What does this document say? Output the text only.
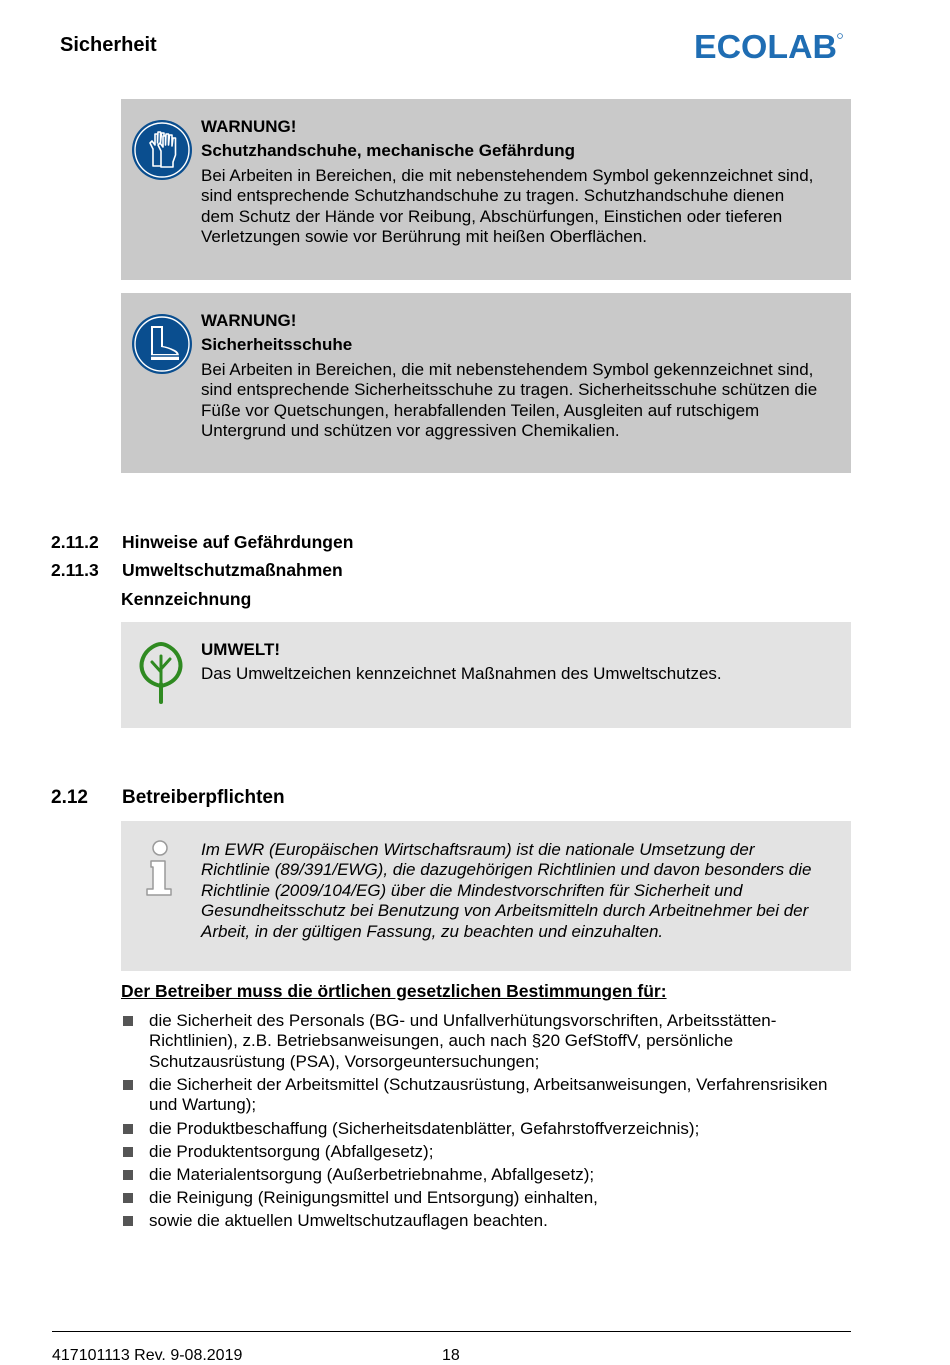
Sicherheit	ECOLAB
WARNUNG!
Schutzhandschuhe, mechanische Gefährdung
Bei Arbeiten in Bereichen, die mit nebenstehendem Symbol gekennzeichnet sind, sind entsprechende Schutzhandschuhe zu tragen. Schutzhandschuhe dienen dem Schutz der Hände vor Reibung, Abschürfungen, Einstichen oder tieferen Verletzungen sowie vor Berührung mit heißen Oberflächen.
WARNUNG!
Sicherheitsschuhe
Bei Arbeiten in Bereichen, die mit nebenstehendem Symbol gekennzeichnet sind, sind entsprechende Sicherheitsschuhe zu tragen. Sicherheitsschuhe schützen die Füße vor Quetschungen, herabfallenden Teilen, Ausgleiten auf rutschigem Untergrund und schützen vor aggressiven Chemikalien.
2.11.2 Hinweise auf Gefährdungen
2.11.3 Umweltschutzmaßnahmen
Kennzeichnung
UMWELT!
Das Umweltzeichen kennzeichnet Maßnahmen des Umweltschutzes.
2.12 Betreiberpflichten
Im EWR (Europäischen Wirtschaftsraum) ist die nationale Umsetzung der Richtlinie (89/391/EWG), die dazugehörigen Richtlinien und davon besonders die Richtlinie (2009/104/EG) über die Mindestvorschriften für Sicherheit und Gesundheitsschutz bei Benutzung von Arbeitsmitteln durch Arbeitnehmer bei der Arbeit, in der gültigen Fassung, zu beachten und einzuhalten.
Der Betreiber muss die örtlichen gesetzlichen Bestimmungen für:
die Sicherheit des Personals (BG- und Unfallverhütungsvorschriften, Arbeitsstätten-Richtlinien), z.B. Betriebsanweisungen, auch nach §20 GefStoffV, persönliche Schutzausrüstung (PSA), Vorsorgeuntersuchungen;
die Sicherheit der Arbeitsmittel (Schutzausrüstung, Arbeitsanweisungen, Verfahrensrisiken und Wartung);
die Produktbeschaffung (Sicherheitsdatenblätter, Gefahrstoffverzeichnis);
die Produktentsorgung (Abfallgesetz);
die Materialentsorgung (Außerbetriebnahme, Abfallgesetz);
die Reinigung (Reinigungsmittel und Entsorgung) einhalten,
sowie die aktuellen Umweltschutzauflagen beachten.
417101113 Rev. 9-08.2019	18
